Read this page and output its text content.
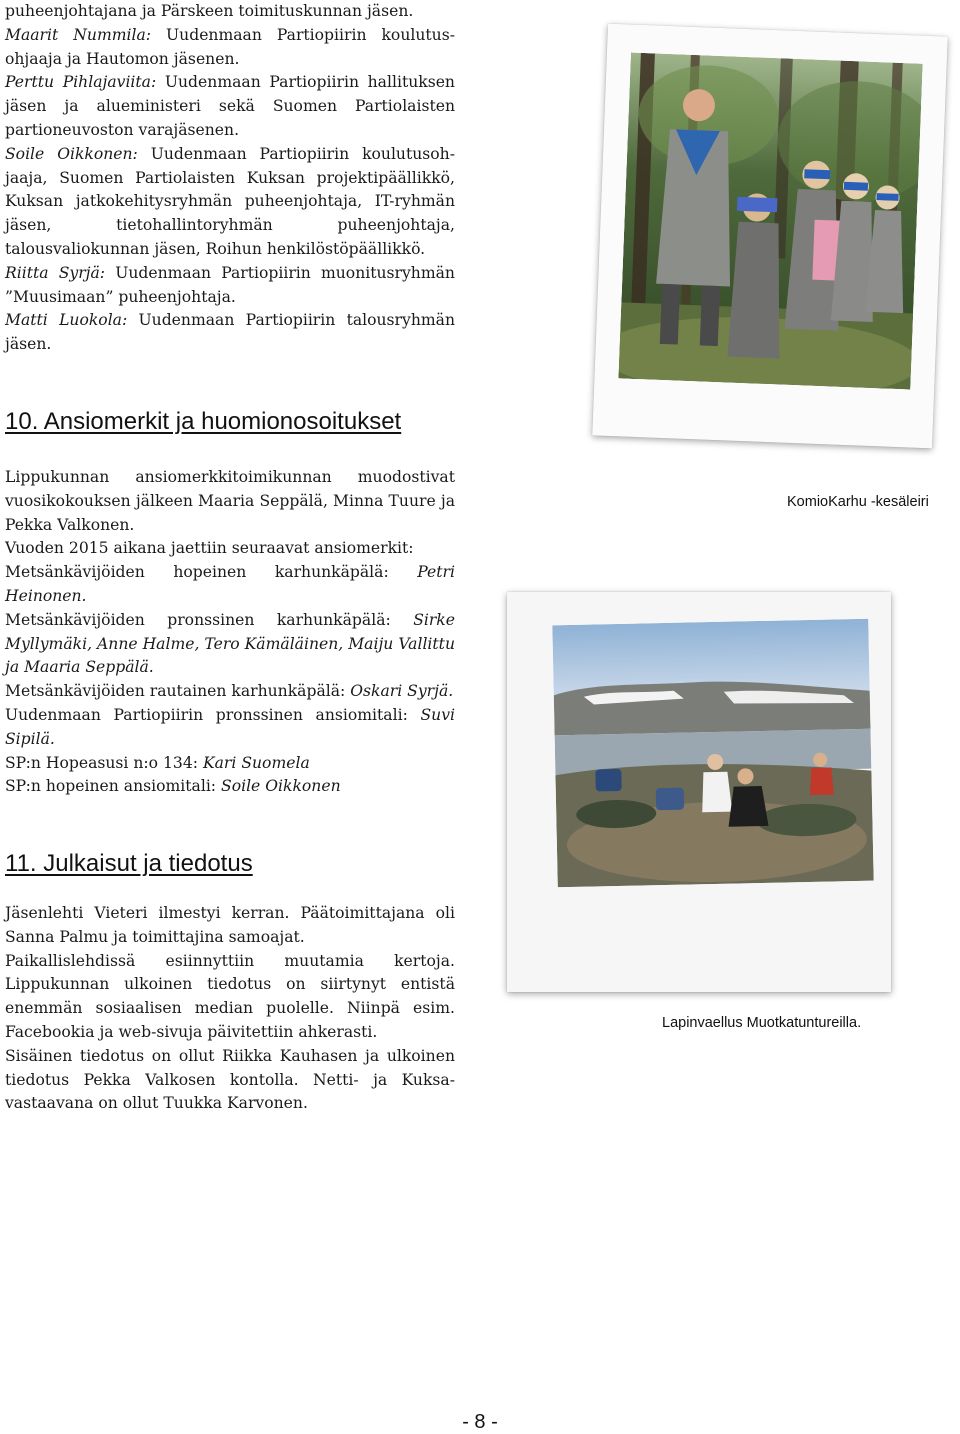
puheenjohtajana ja Pärskeen toimituskunnan jäsen.

Maarit Nummila: Uudenmaan Partiopiirin koulutusohjaaja ja Hautomon jäsenen.

Perttu Pihlajaviita: Uudenmaan Partiopiirin hallituksen jäsen ja alueministeri sekä Suomen Partiolaisten partioneuvoston varajäsenen.

Soile Oikkonen: Uudenmaan Partiopiirin koulutusohjaaja, Suomen Partiolaisten Kuksan projektipäällikkö, Kuksan jatkokehitysryhmän puheenjohtaja, IT-ryhmän jäsen, tietohallintoryhmän puheenjohtaja, talousvaliokunnan jäsen, Roihun henkilöstöpäällikkö.

Riitta Syrjä: Uudenmaan Partiopiirin muonitusryhmän ”Muusimaan” puheenjohtaja.

Matti Luokola: Uudenmaan Partiopiirin talousryhmän jäsen.

10. Ansiomerkit ja huomionosoitukset

Lippukunnan ansiomerkkitoimikunnan muodostivat vuosikokouksen jälkeen Maaria Seppälä, Minna Tuure ja Pekka Valkonen.

Vuoden 2015 aikana jaettiin seuraavat ansiomerkit:

Metsänkävijöiden hopeinen karhunkäpälä: Petri Heinonen.

Metsänkävijöiden pronssinen karhunkäpälä: Sirke Myllymäki, Anne Halme, Tero Kämäläinen, Maiju Vallittu ja Maaria Seppälä.

Metsänkävijöiden rautainen karhunkäpälä: Oskari Syrjä.

Uudenmaan Partiopiirin pronssinen ansiomitali: Suvi Sipilä.

SP:n Hopeasusi n:o 134: Kari Suomela

SP:n hopeinen ansiomitali: Soile Oikkonen

11. Julkaisut ja tiedotus

Jäsenlehti Vieteri ilmestyi kerran. Päätoimittajana oli Sanna Palmu ja toimittajina samoajat.

Paikallislehdissä esiinnyttiin muutamia kertoja. Lippukunnan ulkoinen tiedotus on siirtynyt entistä enemmän sosiaalisen median puolelle. Niinpä esim. Facebookia ja web-sivuja päivitettiin ahkerasti.

Sisäinen tiedotus on ollut Riikka Kauhasen ja ulkoinen tiedotus Pekka Valkosen kontolla. Netti- ja Kuksa-vastaavana on ollut Tuukka Karvonen.

KomioKarhu -kesäleiri
Lapinvaellus Muotkatuntureilla.
- 8 -
